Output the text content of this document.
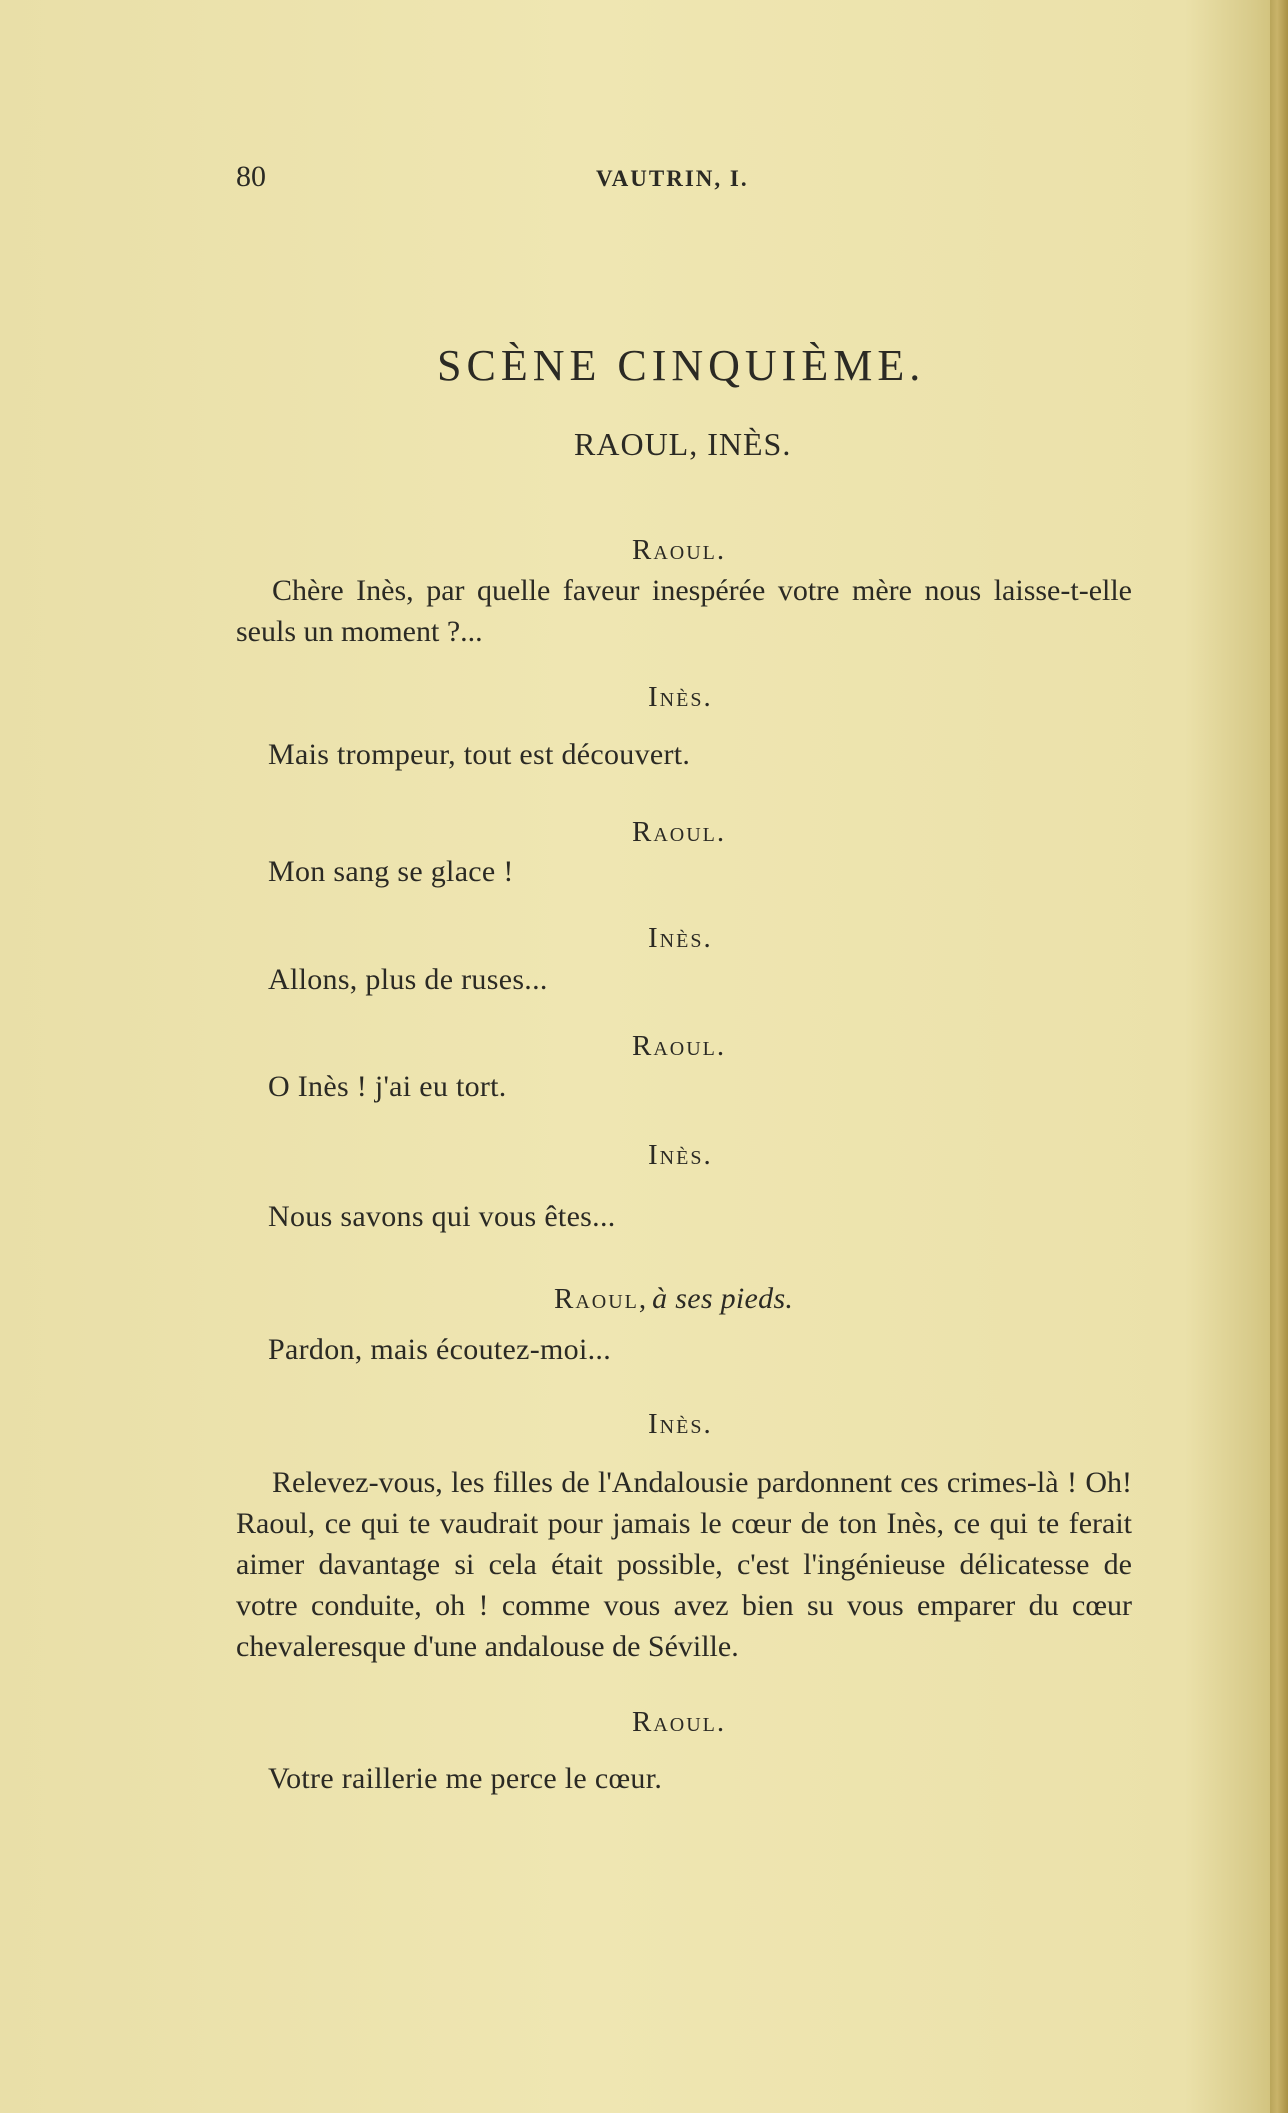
80	VAUTRIN, I.
SCÈNE CINQUIÈME.
RAOUL, INÈS.
Raoul.
Chère Inès, par quelle faveur inespérée votre mère nous laisse-t-elle seuls un moment ?...
Inès.
Mais trompeur, tout est découvert.
Raoul.
Mon sang se glace !
Inès.
Allons, plus de ruses...
Raoul.
O Inès ! j'ai eu tort.
Inès.
Nous savons qui vous êtes...
Raoul, à ses pieds.
Pardon, mais écoutez-moi...
Inès.
Relevez-vous, les filles de l'Andalousie pardonnent ces crimes-là ! Oh! Raoul, ce qui te vaudrait pour jamais le cœur de ton Inès, ce qui te ferait aimer davantage si cela était possible, c'est l'ingénieuse délicatesse de votre conduite, oh ! comme vous avez bien su vous emparer du cœur chevaleresque d'une andalouse de Séville.
Raoul.
Votre raillerie me perce le cœur.
